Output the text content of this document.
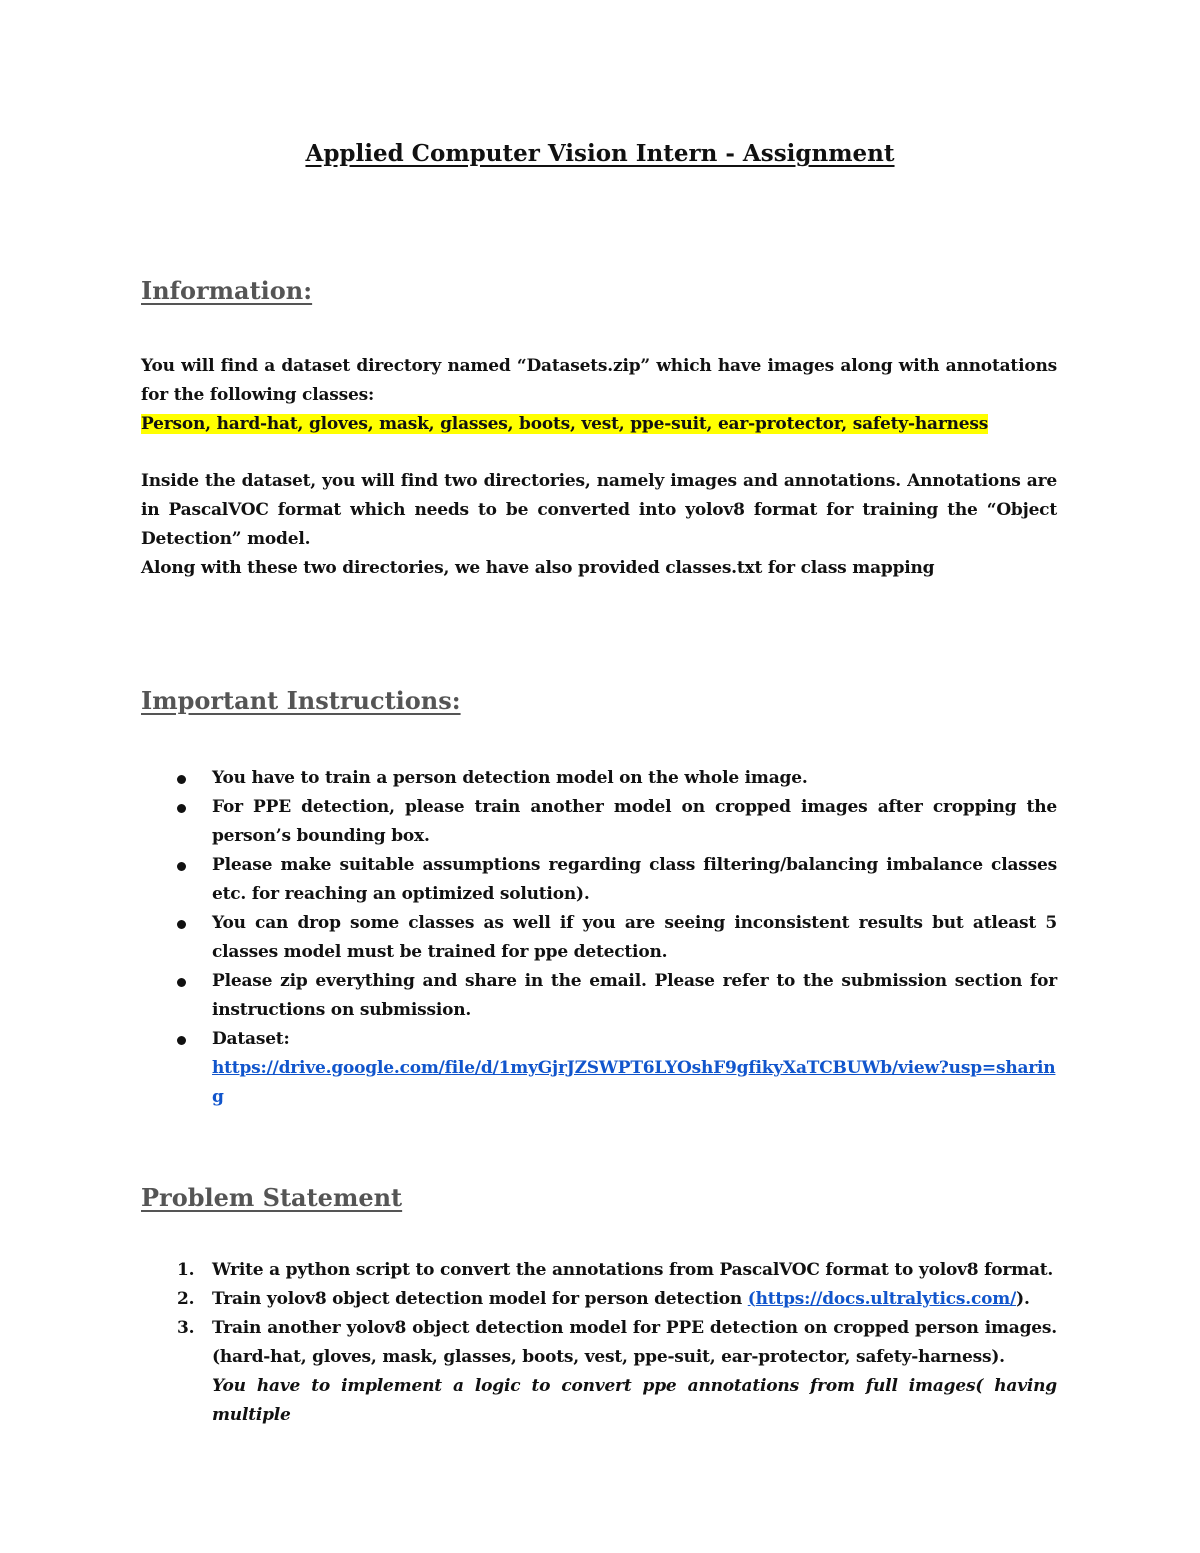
Applied Computer Vision Intern - Assignment
Information:

You will find a dataset directory named “Datasets.zip” which have images along with annotations for the following classes:
Person, hard-hat, gloves, mask, glasses, boots, vest, ppe-suit, ear-protector, safety-harness

Inside the dataset, you will find two directories, namely images and annotations. Annotations are in PascalVOC format which needs to be converted into yolov8 format for training the “Object Detection” model.
Along with these two directories, we have also provided classes.txt for class mapping

Important Instructions:
You have to train a person detection model on the whole image.
For PPE detection, please train another model on cropped images after cropping the person’s bounding box.
Please make suitable assumptions regarding class filtering/balancing imbalance classes etc. for reaching an optimized solution).
You can drop some classes as well if you are seeing inconsistent results but atleast 5 classes model must be trained for ppe detection.
Please zip everything and share in the email. Please refer to the submission section for instructions on submission.
Dataset:
https://drive.google.com/file/d/1myGjrJZSWPT6LYOshF9gfikyXaTCBUWb/view?usp=sharing
Problem Statement
1. Write a python script to convert the annotations from PascalVOC format to yolov8 format.
2. Train yolov8 object detection model for person detection (https://docs.ultralytics.com/).
3. Train another yolov8 object detection model for PPE detection on cropped person images. (hard-hat, gloves, mask, glasses, boots, vest, ppe-suit, ear-protector, safety-harness).
You have to implement a logic to convert ppe annotations from full images( having multiple
